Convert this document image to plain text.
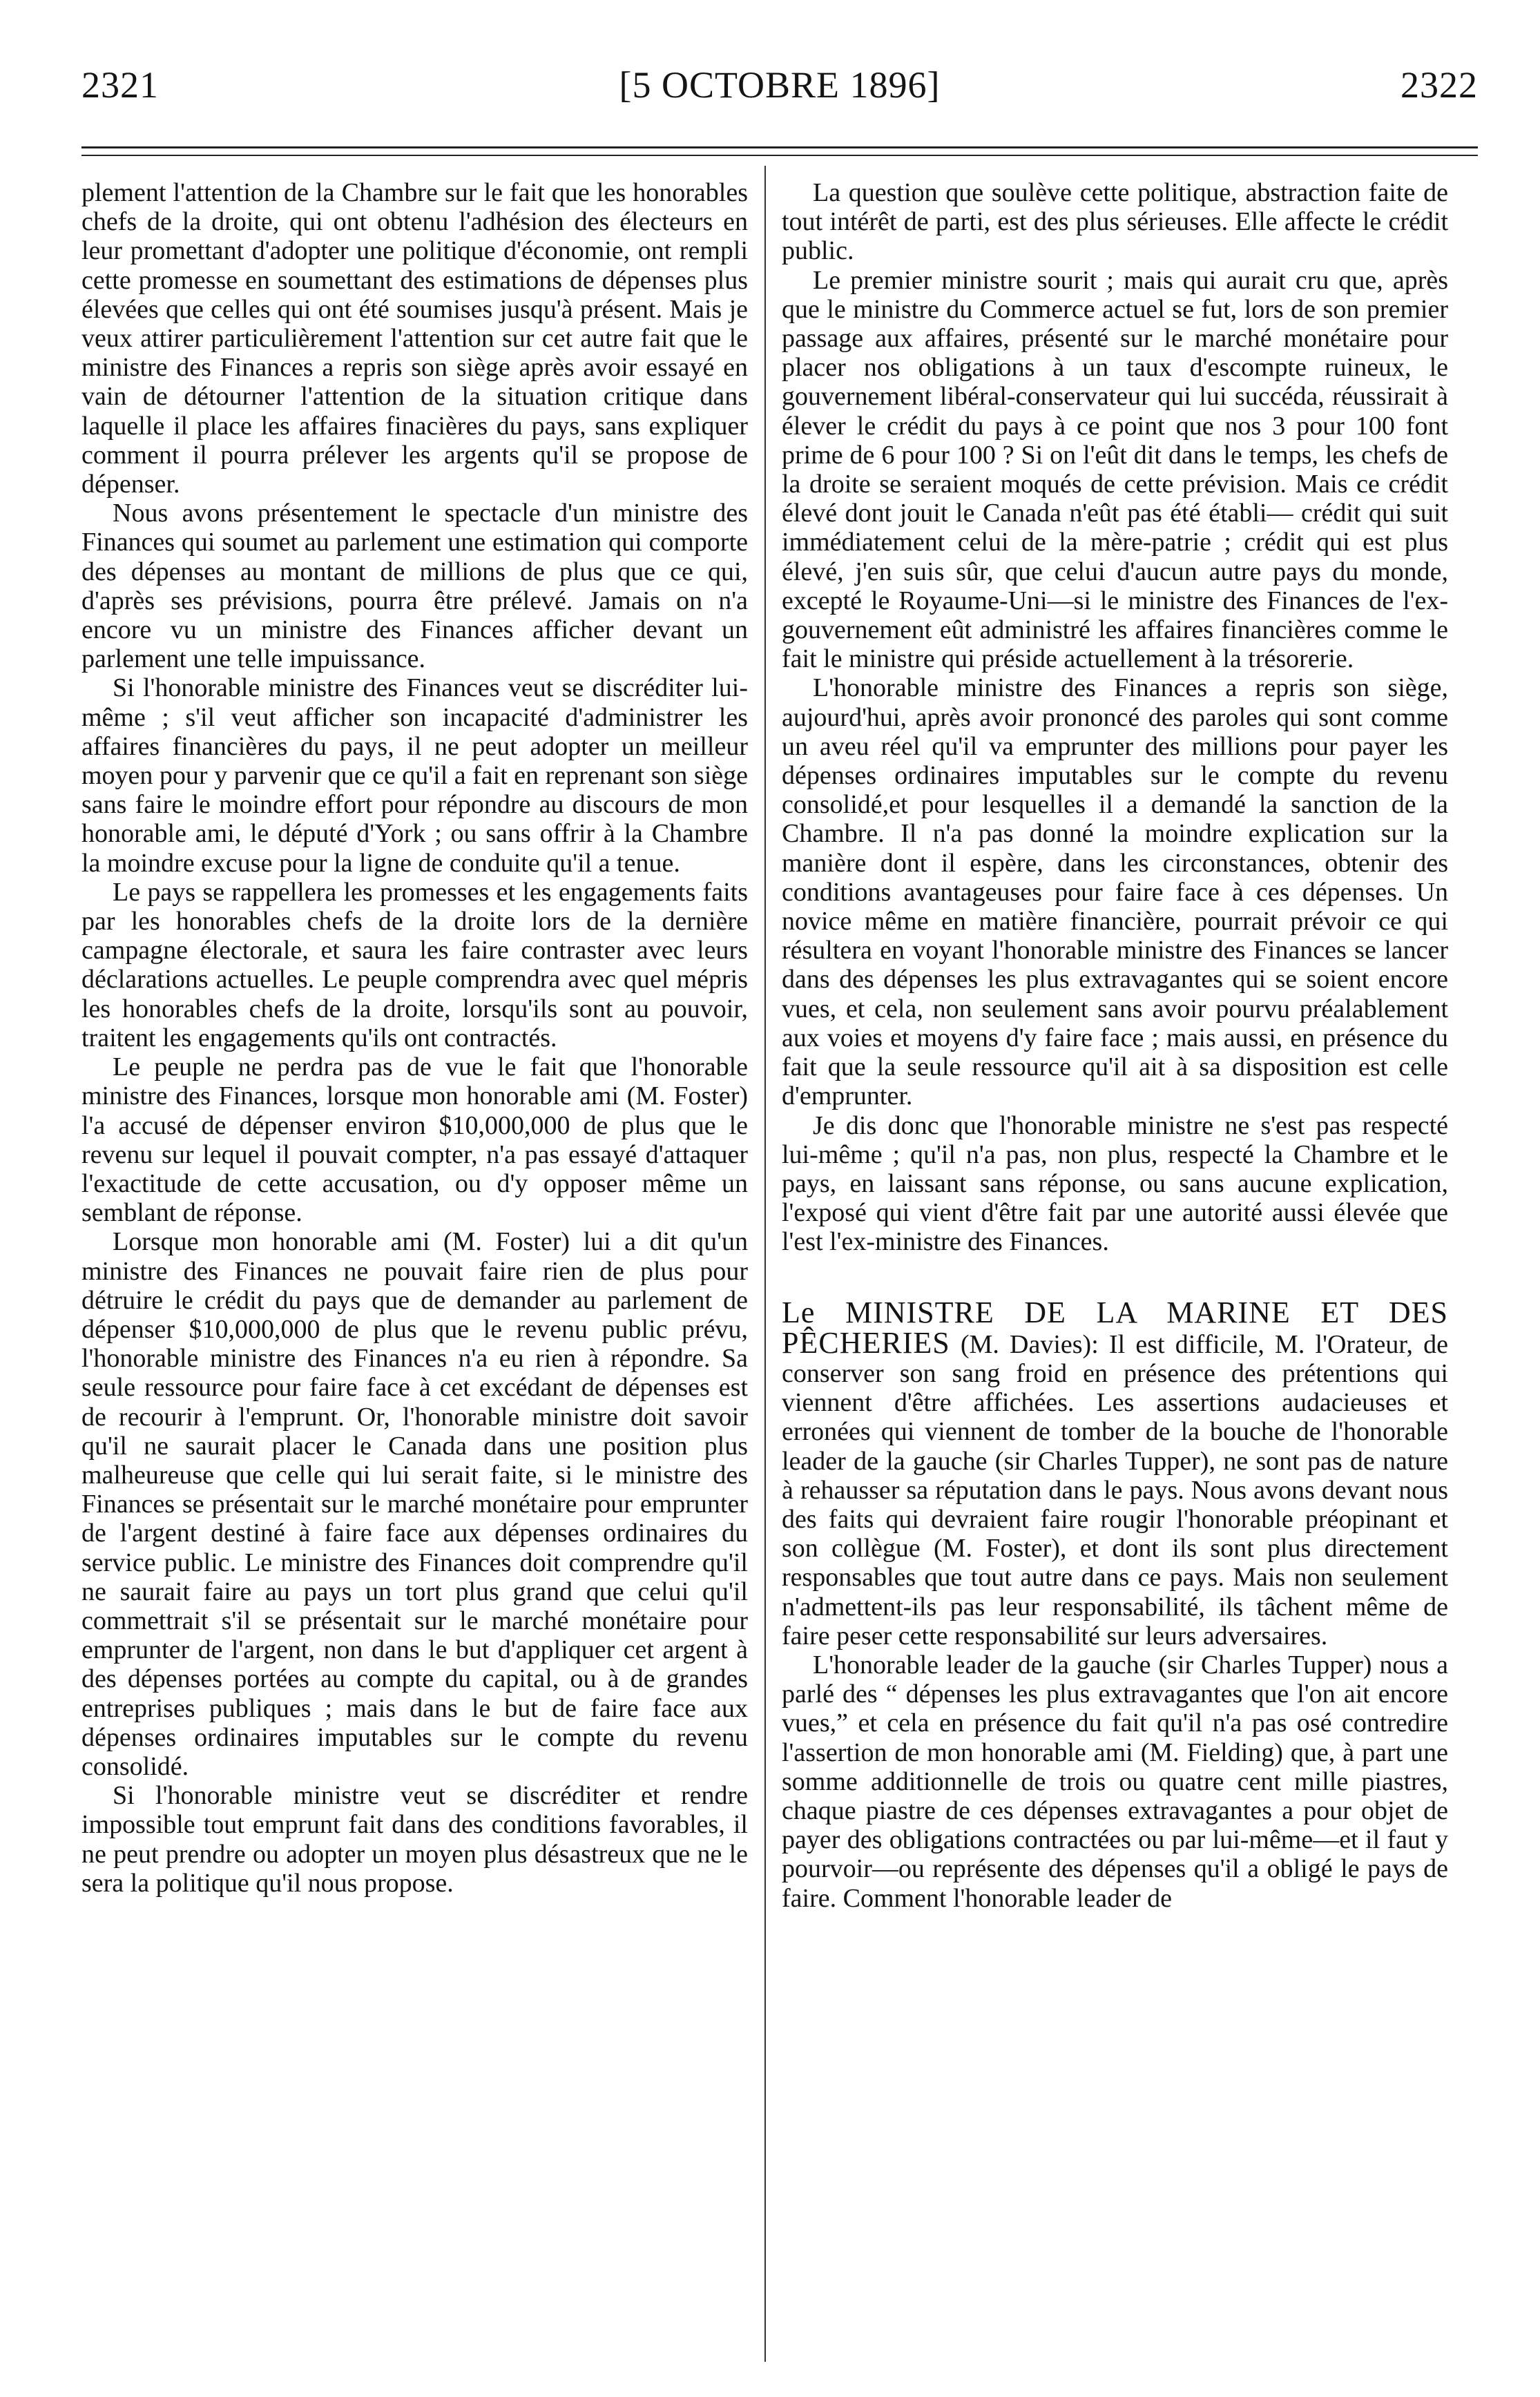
2321	[5 OCTOBRE 1896]	2322

plement l'attention de la Chambre sur le fait que les honorables chefs de la droite, qui ont obtenu l'adhésion des électeurs en leur promettant d'adopter une politique d'économie, ont rempli cette promesse en soumettant des estimations de dépenses plus élevées que celles qui ont été soumises jusqu'à présent. Mais je veux attirer particulièrement l'attention sur cet autre fait que le ministre des Finances a repris son siège après avoir essayé en vain de détourner l'attention de la situation critique dans laquelle il place les affaires finacières du pays, sans expliquer comment il pourra prélever les argents qu'il se propose de dépenser.

Nous avons présentement le spectacle d'un ministre des Finances qui soumet au parlement une estimation qui comporte des dépenses au montant de millions de plus que ce qui, d'après ses prévisions, pourra être prélevé. Jamais on n'a encore vu un ministre des Finances afficher devant un parlement une telle impuissance.

Si l'honorable ministre des Finances veut se discréditer lui-même ; s'il veut afficher son incapacité d'administrer les affaires financières du pays, il ne peut adopter un meilleur moyen pour y parvenir que ce qu'il a fait en reprenant son siège sans faire le moindre effort pour répondre au discours de mon honorable ami, le député d'York ; ou sans offrir à la Chambre la moindre excuse pour la ligne de conduite qu'il a tenue.

Le pays se rappellera les promesses et les engagements faits par les honorables chefs de la droite lors de la dernière campagne électorale, et saura les faire contraster avec leurs déclarations actuelles. Le peuple comprendra avec quel mépris les honorables chefs de la droite, lorsqu'ils sont au pouvoir, traitent les engagements qu'ils ont contractés.

Le peuple ne perdra pas de vue le fait que l'honorable ministre des Finances, lorsque mon honorable ami (M. Foster) l'a accusé de dépenser environ $10,000,000 de plus que le revenu sur lequel il pouvait compter, n'a pas essayé d'attaquer l'exactitude de cette accusation, ou d'y opposer même un semblant de réponse.

Lorsque mon honorable ami (M. Foster) lui a dit qu'un ministre des Finances ne pouvait faire rien de plus pour détruire le crédit du pays que de demander au parlement de dépenser $10,000,000 de plus que le revenu public prévu, l'honorable ministre des Finances n'a eu rien à répondre. Sa seule ressource pour faire face à cet excédant de dépenses est de recourir à l'emprunt. Or, l'honorable ministre doit savoir qu'il ne saurait placer le Canada dans une position plus malheureuse que celle qui lui serait faite, si le ministre des Finances se présentait sur le marché monétaire pour emprunter de l'argent destiné à faire face aux dépenses ordinaires du service public. Le ministre des Finances doit comprendre qu'il ne saurait faire au pays un tort plus grand que celui qu'il commettrait s'il se présentait sur le marché monétaire pour emprunter de l'argent, non dans le but d'appliquer cet argent à des dépenses portées au compte du capital, ou à de grandes entreprises publiques ; mais dans le but de faire face aux dépenses ordinaires imputables sur le compte du revenu consolidé.

Si l'honorable ministre veut se discréditer et rendre impossible tout emprunt fait dans des conditions favorables, il ne peut prendre ou adopter un moyen plus désastreux que ne le sera la politique qu'il nous propose.

La question que soulève cette politique, abstraction faite de tout intérêt de parti, est des plus sérieuses. Elle affecte le crédit public.

Le premier ministre sourit ; mais qui aurait cru que, après que le ministre du Commerce actuel se fut, lors de son premier passage aux affaires, présenté sur le marché monétaire pour placer nos obligations à un taux d'escompte ruineux, le gouvernement libéral-conservateur qui lui succéda, réussirait à élever le crédit du pays à ce point que nos 3 pour 100 font prime de 6 pour 100 ? Si on l'eût dit dans le temps, les chefs de la droite se seraient moqués de cette prévision. Mais ce crédit élevé dont jouit le Canada n'eût pas été établi— crédit qui suit immédiatement celui de la mère-patrie ; crédit qui est plus élevé, j'en suis sûr, que celui d'aucun autre pays du monde, excepté le Royaume-Uni—si le ministre des Finances de l'ex-gouvernement eût administré les affaires financières comme le fait le ministre qui préside actuellement à la trésorerie.

L'honorable ministre des Finances a repris son siège, aujourd'hui, après avoir prononcé des paroles qui sont comme un aveu réel qu'il va emprunter des millions pour payer les dépenses ordinaires imputables sur le compte du revenu consolidé,et pour lesquelles il a demandé la sanction de la Chambre. Il n'a pas donné la moindre explication sur la manière dont il espère, dans les circonstances, obtenir des conditions avantageuses pour faire face à ces dépenses. Un novice même en matière financière, pourrait prévoir ce qui résultera en voyant l'honorable ministre des Finances se lancer dans des dépenses les plus extravagantes qui se soient encore vues, et cela, non seulement sans avoir pourvu préalablement aux voies et moyens d'y faire face ; mais aussi, en présence du fait que la seule ressource qu'il ait à sa disposition est celle d'emprunter.

Je dis donc que l'honorable ministre ne s'est pas respecté lui-même ; qu'il n'a pas, non plus, respecté la Chambre et le pays, en laissant sans réponse, ou sans aucune explication, l'exposé qui vient d'être fait par une autorité aussi élevée que l'est l'ex-ministre des Finances.

Le MINISTRE DE LA MARINE ET DES PÊCHERIES (M. Davies): Il est difficile, M. l'Orateur, de conserver son sang froid en présence des prétentions qui viennent d'être affichées. Les assertions audacieuses et erronées qui viennent de tomber de la bouche de l'honorable leader de la gauche (sir Charles Tupper), ne sont pas de nature à rehausser sa réputation dans le pays. Nous avons devant nous des faits qui devraient faire rougir l'honorable préopinant et son collègue (M. Foster), et dont ils sont plus directement responsables que tout autre dans ce pays. Mais non seulement n'admettent-ils pas leur responsabilité, ils tâchent même de faire peser cette responsabilité sur leurs adversaires.

L'honorable leader de la gauche (sir Charles Tupper) nous a parlé des “ dépenses les plus extravagantes que l'on ait encore vues,” et cela en présence du fait qu'il n'a pas osé contredire l'assertion de mon honorable ami (M. Fielding) que, à part une somme additionnelle de trois ou quatre cent mille piastres, chaque piastre de ces dépenses extravagantes a pour objet de payer des obligations contractées ou par lui-même—et il faut y pourvoir—ou représente des dépenses qu'il a obligé le pays de faire. Comment l'honorable leader de
